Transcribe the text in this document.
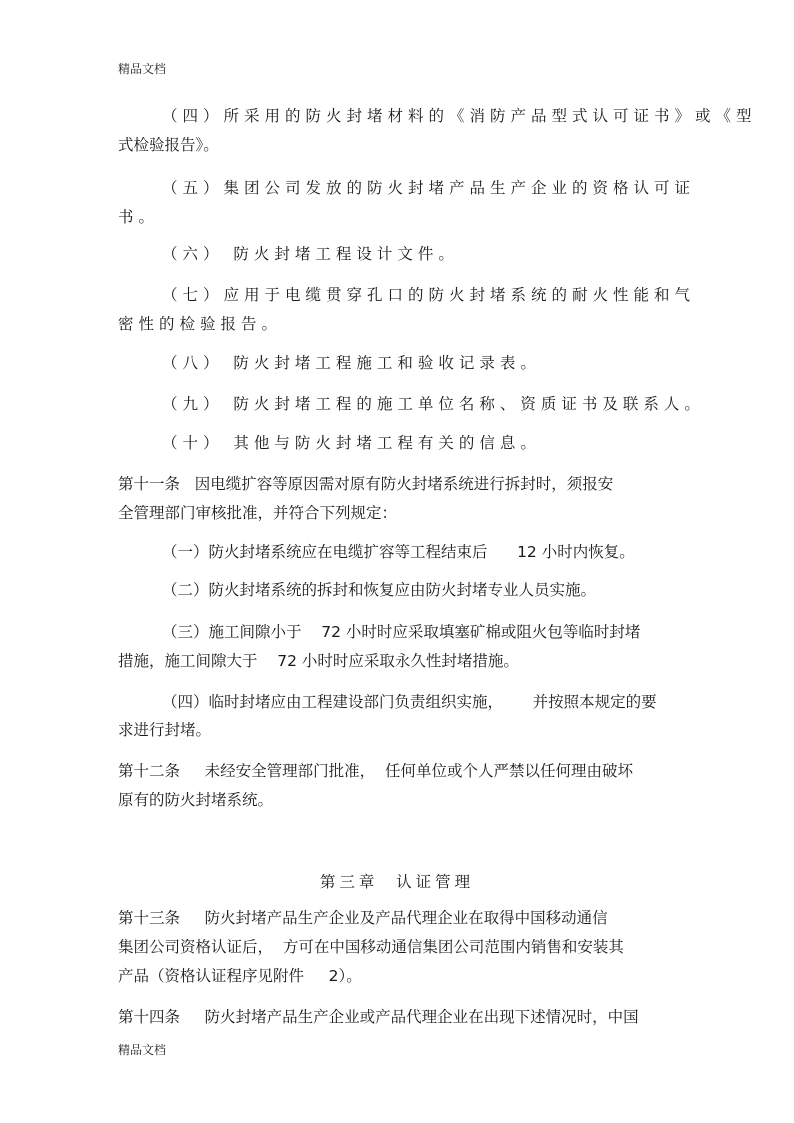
精品文档
（四）所采用的防火封堵材料的《消防产品型式认可证书》或《型
式检验报告》。
（五）集团公司发放的防火封堵产品生产企业的资格认可证
书。
（六） 防火封堵工程设计文件。
（七）应用于电缆贯穿孔口的防火封堵系统的耐火性能和气
密性的检验报告。
（八） 防火封堵工程施工和验收记录表。
（九） 防火封堵工程的施工单位名称、资质证书及联系人。
（十） 其他与防火封堵工程有关的信息。
第十一条   因电缆扩容等原因需对原有防火封堵系统进行拆封时，须报安
全管理部门审核批准，并符合下列规定：
（一）防火封堵系统应在电缆扩容等工程结束后      12 小时内恢复。
（二）防火封堵系统的拆封和恢复应由防火封堵专业人员实施。
（三）施工间隙小于    72 小时时应采取填塞矿棉或阻火包等临时封堵
措施，施工间隙大于    72 小时时应采取永久性封堵措施。
（四）临时封堵应由工程建设部门负责组织实施，      并按照本规定的要
求进行封堵。
第十二条     未经安全管理部门批准，  任何单位或个人严禁以任何理由破坏
原有的防火封堵系统。
第三章  认证管理
第十三条     防火封堵产品生产企业及产品代理企业在取得中国移动通信
集团公司资格认证后，  方可在中国移动通信集团公司范围内销售和安装其
产品（资格认证程序见附件     2）。
第十四条     防火封堵产品生产企业或产品代理企业在出现下述情况时，中国
精品文档
